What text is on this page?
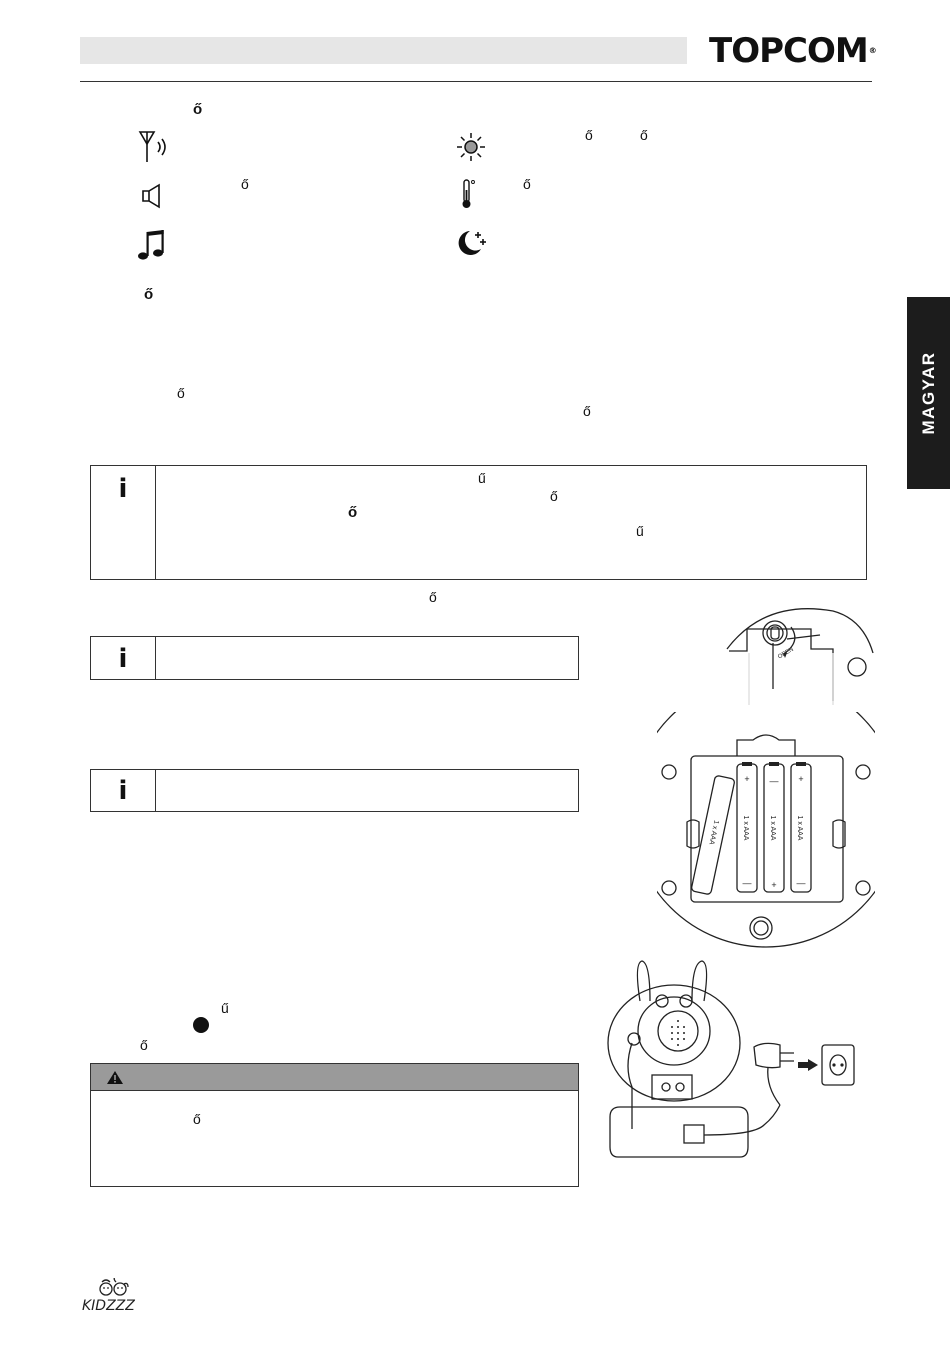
TOPCOM®
MAGYAR
ő
ő	ő
ő	ő
ő
ő
ő
ű
ő
ő
ű
ő
ű
ő
ő
i
i
i
OPEN
+ — +
— + —
1 x AAA	1 x AAA	1 x AAA
1 x AAA
KIDZZZ
